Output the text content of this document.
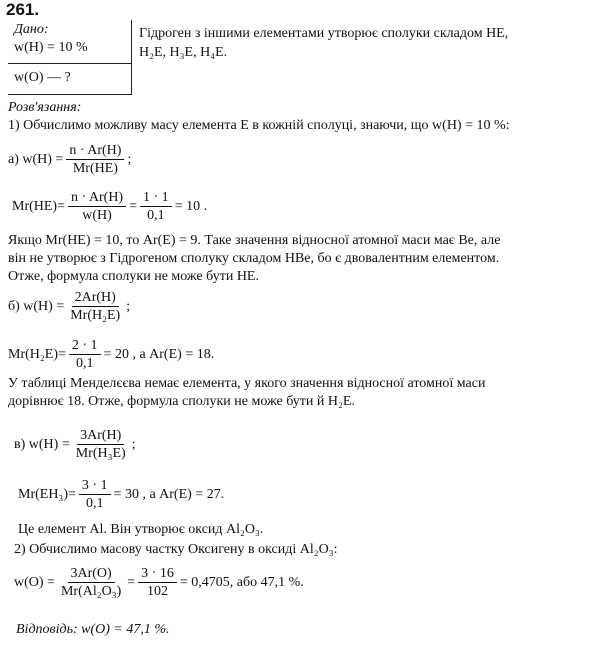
261.
Дано:
w(H) = 10 %
w(O) — ?
Гідроген з іншими елементами утворює сполуки складом HE,
H₂E, H₃E, H₄E.
Розв'язання:
1) Обчислимо можливу масу елемента E в кожній сполуці, знаючи, що w(H) = 10 %:
а) $w(H) = \frac{n \cdot Ar(H)}{Mr(HE)}$ ;
$Mr(HE)= \frac{n \cdot Ar(H)}{w(H)} = \frac{1 \cdot 1}{0,1} = 10$ .
Якщо Mr(HE) = 10, то Ar(E) = 9. Таке значення відносної атомної маси має Be, але
він не утворює з Гідрогеном сполуку складом HBe, бо є двовалентним елементом.
Отже, формула сполуки не може бути HE.
б) $w(H) = \frac{2Ar(H)}{\text{Mr(H₂E)}}$ ;
$Mr(H_2E)= \frac{2 \cdot 1}{0,1} = 20$ , а Ar(E) = 18.
У таблиці Менделєєва немає елемента, у якого значення відносної атомної маси
дорівнює 18. Отже, формула сполуки не може бути й H₂E.
в) $w(H) = \frac{3Ar(H)}{\text{Mr(H₃E)}}$ ;
$Mr(EH_3)= \frac{3 \cdot 1}{0,1} = 30$ , а Ar(E) = 27.
Це елемент Al. Він утворює оксид Al₂O₃.
2) Обчислимо масову частку Оксигену в оксиді Al₂O₃:
$w(O) = \frac{3Ar(O)}{\text{Mr(Al₂O₃)}} = \frac{3 \cdot 16}{102} = 0,4705$, або 47,1 %.
Відповідь: w(O) = 47,1 %.
